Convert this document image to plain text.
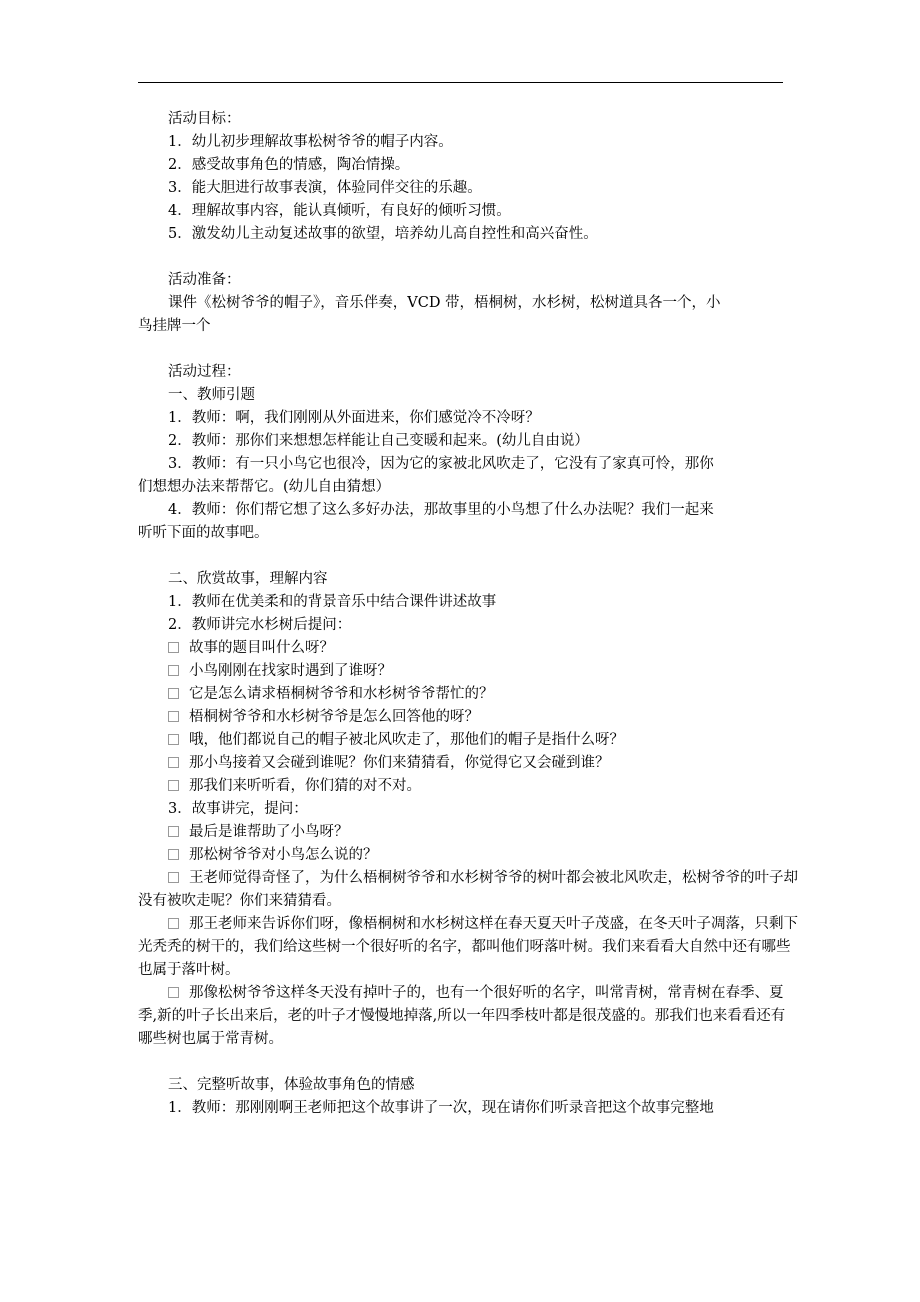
活动目标：
1．幼儿初步理解故事松树爷爷的帽子内容。
2．感受故事角色的情感，陶冶情操。
3．能大胆进行故事表演，体验同伴交往的乐趣。
4．理解故事内容，能认真倾听，有良好的倾听习惯。
5．激发幼儿主动复述故事的欲望，培养幼儿高自控性和高兴奋性。
活动准备：
课件《松树爷爷的帽子》，音乐伴奏，VCD 带，梧桐树，水杉树，松树道具各一个，小
鸟挂牌一个
活动过程：
一、教师引题
1．教师：啊，我们刚刚从外面进来，你们感觉冷不冷呀？
2．教师：那你们来想想怎样能让自己变暖和起来。(幼儿自由说）
3．教师：有一只小鸟它也很冷，因为它的家被北风吹走了，它没有了家真可怜，那你
们想想办法来帮帮它。(幼儿自由猜想）
4．教师：你们帮它想了这么多好办法，那故事里的小鸟想了什么办法呢？我们一起来
听听下面的故事吧。
二、欣赏故事，理解内容
1．教师在优美柔和的背景音乐中结合课件讲述故事
2．教师讲完水杉树后提问：
故事的题目叫什么呀？
小鸟刚刚在找家时遇到了谁呀？
它是怎么请求梧桐树爷爷和水杉树爷爷帮忙的？
梧桐树爷爷和水杉树爷爷是怎么回答他的呀？
哦，他们都说自己的帽子被北风吹走了，那他们的帽子是指什么呀？
那小鸟接着又会碰到谁呢？你们来猜猜看，你觉得它又会碰到谁？
那我们来听听看，你们猜的对不对。
3．故事讲完，提问：
最后是谁帮助了小鸟呀？
那松树爷爷对小鸟怎么说的？
王老师觉得奇怪了，为什么梧桐树爷爷和水杉树爷爷的树叶都会被北风吹走，松树爷爷的叶子却没有被吹走呢？你们来猜猜看。
那王老师来告诉你们呀，像梧桐树和水杉树这样在春天夏天叶子茂盛，在冬天叶子凋落，只剩下光秃秃的树干的，我们给这些树一个很好听的名字，都叫他们呀落叶树。我们来看看大自然中还有哪些也属于落叶树。
那像松树爷爷这样冬天没有掉叶子的，也有一个很好听的名字，叫常青树，常青树在春季、夏季,新的叶子长出来后，老的叶子才慢慢地掉落,所以一年四季枝叶都是很茂盛的。那我们也来看看还有哪些树也属于常青树。
三、完整听故事，体验故事角色的情感
1．教师：那刚刚啊王老师把这个故事讲了一次，现在请你们听录音把这个故事完整地
